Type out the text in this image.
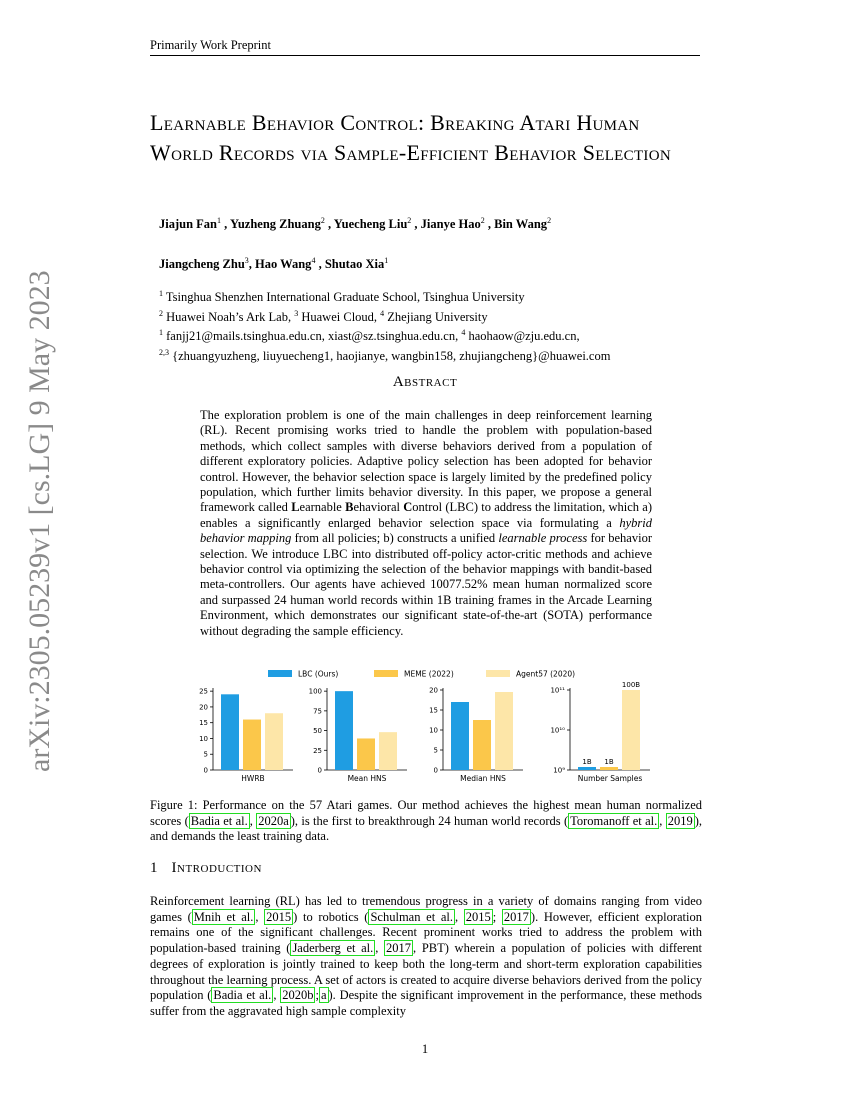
arXiv:2305.05239v1 [cs.LG] 9 May 2023
Primarily Work Preprint
Learnable Behavior Control: Breaking Atari Human World Records via Sample-Efficient Behavior Selection
Jiajun Fan$^1$ , Yuzheng Zhuang$^2$ , Yuecheng Liu$^2$ , Jianye Hao$^2$ , Bin Wang$^2$
Jiangcheng Zhu$^3$, Hao Wang$^4$ , Shutao Xia$^1$
$^1$ Tsinghua Shenzhen International Graduate School, Tsinghua University
$^2$ Huawei Noah’s Ark Lab, $^3$ Huawei Cloud, $^4$ Zhejiang University
$^1$ fanjj21@mails.tsinghua.edu.cn, xiast@sz.tsinghua.edu.cn, $^4$ haohaow@zju.edu.cn,
$^{2,3}$ {zhuangyuzheng, liuyuecheng1, haojianye, wangbin158, zhujiangcheng}@huawei.com
Abstract
The exploration problem is one of the main challenges in deep reinforcement learning (RL). Recent promising works tried to handle the problem with population-based methods, which collect samples with diverse behaviors derived from a population of different exploratory policies. Adaptive policy selection has been adopted for behavior control. However, the behavior selection space is largely limited by the predefined policy population, which further limits behavior diversity. In this paper, we propose a general framework called Learnable Behavioral Control (LBC) to address the limitation, which a) enables a significantly enlarged behavior selection space via formulating a hybrid behavior mapping from all policies; b) constructs a unified learnable process for behavior selection. We introduce LBC into distributed off-policy actor-critic methods and achieve behavior control via optimizing the selection of the behavior mappings with bandit-based meta-controllers. Our agents have achieved 10077.52% mean human normalized score and surpassed 24 human world records within 1B training frames in the Arcade Learning Environment, which demonstrates our significant state-of-the-art (SOTA) performance without degrading the sample efficiency.
LBC (Ours)	MEME (2022)	Agent57 (2020)
0
5
10
15
20
25
HWRB
0
25
50
75
100
Mean HNS
0
5
10
15
20
Median HNS
10⁹
10¹⁰
10¹¹
1B 1B
100B
Number Samples
Figure 1: Performance on the 57 Atari games. Our method achieves the highest mean human normalized scores ( Badia et al. , 2020a ), is the first to breakthrough 24 human world records ( Toromanoff et al. , 2019 ), and demands the least training data.
1 Introduction
Reinforcement learning (RL) has led to tremendous progress in a variety of domains ranging from video games ( Mnih et al. , 2015 ) to robotics ( Schulman et al. , 2015 ; 2017 ). However, efficient exploration remains one of the significant challenges. Recent prominent works tried to address the problem with population-based training ( Jaderberg et al. , 2017 , PBT) wherein a population of policies with different degrees of exploration is jointly trained to keep both the long-term and short-term exploration capabilities throughout the learning process. A set of actors is created to acquire diverse behaviors derived from the policy population ( Badia et al. , 2020b ; a ). Despite the significant improvement in the performance, these methods suffer from the aggravated high sample complexity
1
